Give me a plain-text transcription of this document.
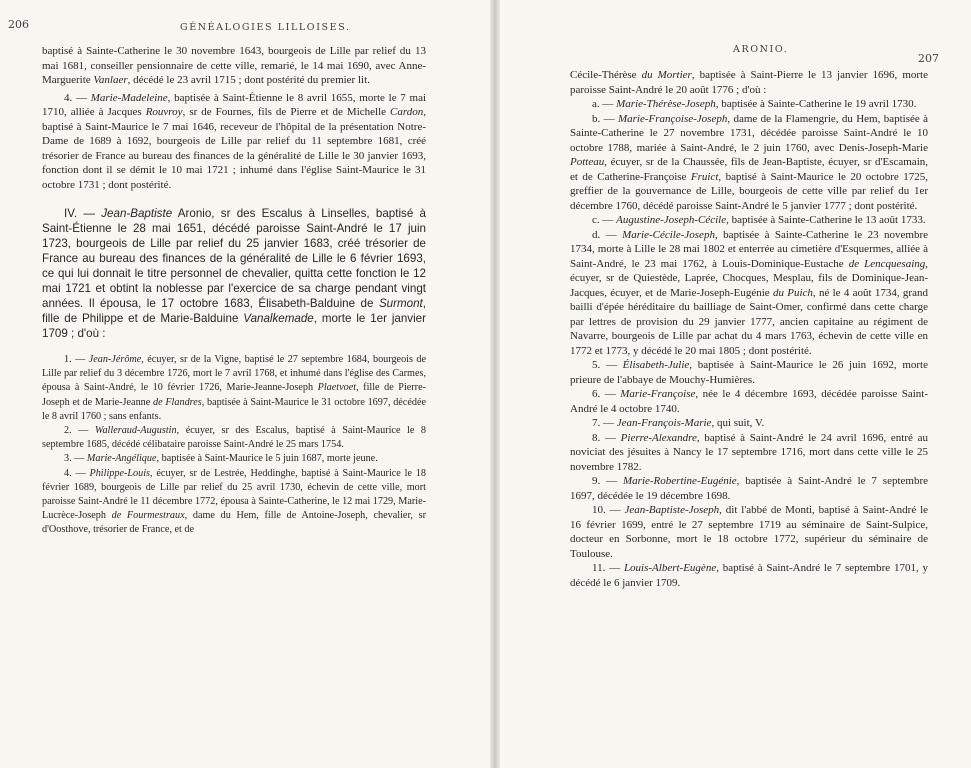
206	GÉNÉALOGIES LILLOISES.

baptisé à Sainte-Catherine le 30 novembre 1643, bourgeois de Lille par relief du 13 mai 1681, conseiller pensionnaire de cette ville, remarié, le 14 mai 1690, avec Anne-Marguerite Vanlaer, décédé le 23 avril 1715 ; dont postérité du premier lit.

4. — Marie-Madeleine, baptisée à Saint-Étienne le 8 avril 1655, morte le 7 mai 1710, alliée à Jacques Rouvroy, sr de Fournes, fils de Pierre et de Michelle Cardon, baptisé à Saint-Maurice le 7 mai 1646, receveur de l'hôpital de la présentation Notre-Dame de 1689 à 1692, bourgeois de Lille par relief du 11 septembre 1681, créé trésorier de France au bureau des finances de la généralité de Lille le 30 janvier 1693, fonction dont il se démit le 10 mai 1721 ; inhumé dans l'église Saint-Maurice le 31 octobre 1731 ; dont postérité.

IV. — Jean-Baptiste Aronio, sr des Escalus à Linselles, baptisé à Saint-Étienne le 28 mai 1651, décédé paroisse Saint-André le 17 juin 1723, bourgeois de Lille par relief du 25 janvier 1683, créé trésorier de France au bureau des finances de la généralité de Lille le 6 février 1693, ce qui lui donnait le titre personnel de chevalier, quitta cette fonction le 12 mai 1721 et obtint la noblesse par l'exercice de sa charge pendant vingt années. Il épousa, le 17 octobre 1683, Élisabeth-Balduine de Surmont, fille de Philippe et de Marie-Balduine Vanalkemade, morte le 1er janvier 1709 ; d'où :

1. — Jean-Jérôme, écuyer, sr de la Vigne, baptisé le 27 septembre 1684, bourgeois de Lille par relief du 3 décembre 1726, mort le 7 avril 1768, et inhumé dans l'église des Carmes, épousa à Saint-André, le 10 février 1726, Marie-Jeanne-Joseph Plaetvoet, fille de Pierre-Joseph et de Marie-Jeanne de Flandres, baptisée à Saint-Maurice le 31 octobre 1697, décédée le 8 avril 1760 ; sans enfants.

2. — Walleraud-Augustin, écuyer, sr des Escalus, baptisé à Saint-Maurice le 8 septembre 1685, décédé célibataire paroisse Saint-André le 25 mars 1754.

3. — Marie-Angélique, baptisée à Saint-Maurice le 5 juin 1687, morte jeune.

4. — Philippe-Louis, écuyer, sr de Lestrée, Heddinghe, baptisé à Saint-Maurice le 18 février 1689, bourgeois de Lille par relief du 25 avril 1730, échevin de cette ville, mort paroisse Saint-André le 11 décembre 1772, épousa à Sainte-Catherine, le 12 mai 1729, Marie-Lucrèce-Joseph de Fourmestraux, dame du Hem, fille de Antoine-Joseph, chevalier, sr d'Oosthove, trésorier de France, et de

ARONIO.
207

Cécile-Thérèse du Mortier, baptisée à Saint-Pierre le 13 janvier 1696, morte paroisse Saint-André le 20 août 1776 ; d'où :

a. — Marie-Thérèse-Joseph, baptisée à Sainte-Catherine le 19 avril 1730.

b. — Marie-Françoise-Joseph, dame de la Flamengrie, du Hem, baptisée à Sainte-Catherine le 27 novembre 1731, décédée paroisse Saint-André le 10 octobre 1788, mariée à Saint-André, le 2 juin 1760, avec Denis-Joseph-Marie Potteau, écuyer, sr de la Chaussée, fils de Jean-Baptiste, écuyer, sr d'Escamain, et de Catherine-Françoise Fruict, baptisé à Saint-Maurice le 20 octobre 1725, greffier de la gouvernance de Lille, bourgeois de cette ville par relief du 1er décembre 1760, décédé paroisse Saint-André le 5 janvier 1777 ; dont postérité.

c. — Augustine-Joseph-Cécile, baptisée à Sainte-Catherine le 13 août 1733.

d. — Marie-Cécile-Joseph, baptisée à Sainte-Catherine le 23 novembre 1734, morte à Lille le 28 mai 1802 et enterrée au cimetière d'Esquermes, alliée à Saint-André, le 23 mai 1762, à Louis-Dominique-Eustache de Lencquesaing, écuyer, sr de Quiestède, Laprée, Chocques, Mesplau, fils de Dominique-Jean-Jacques, écuyer, et de Marie-Joseph-Eugénie du Puich, né le 4 août 1734, grand bailli d'épée héréditaire du bailliage de Saint-Omer, confirmé dans cette charge par lettres de provision du 29 janvier 1777, ancien capitaine au régiment de Navarre, bourgeois de Lille par achat du 4 mars 1763, échevin de cette ville en 1772 et 1773, y décédé le 20 mai 1805 ; dont postérité.

5. — Élisabeth-Julie, baptisée à Saint-Maurice le 26 juin 1692, morte prieure de l'abbaye de Mouchy-Humières.

6. — Marie-Françoise, née le 4 décembre 1693, décédée paroisse Saint-André le 4 octobre 1740.

7. — Jean-François-Marie, qui suit, V.

8. — Pierre-Alexandre, baptisé à Saint-André le 24 avril 1696, entré au noviciat des jésuites à Nancy le 17 septembre 1716, mort dans cette ville le 25 novembre 1782.

9. — Marie-Robertine-Eugénie, baptisée à Saint-André le 7 septembre 1697, décédée le 19 décembre 1698.

10. — Jean-Baptiste-Joseph, dit l'abbé de Monti, baptisé à Saint-André le 16 février 1699, entré le 27 septembre 1719 au séminaire de Saint-Sulpice, docteur en Sorbonne, mort le 18 octobre 1772, supérieur du séminaire de Toulouse.

11. — Louis-Albert-Eugène, baptisé à Saint-André le 7 septembre 1701, y décédé le 6 janvier 1709.
